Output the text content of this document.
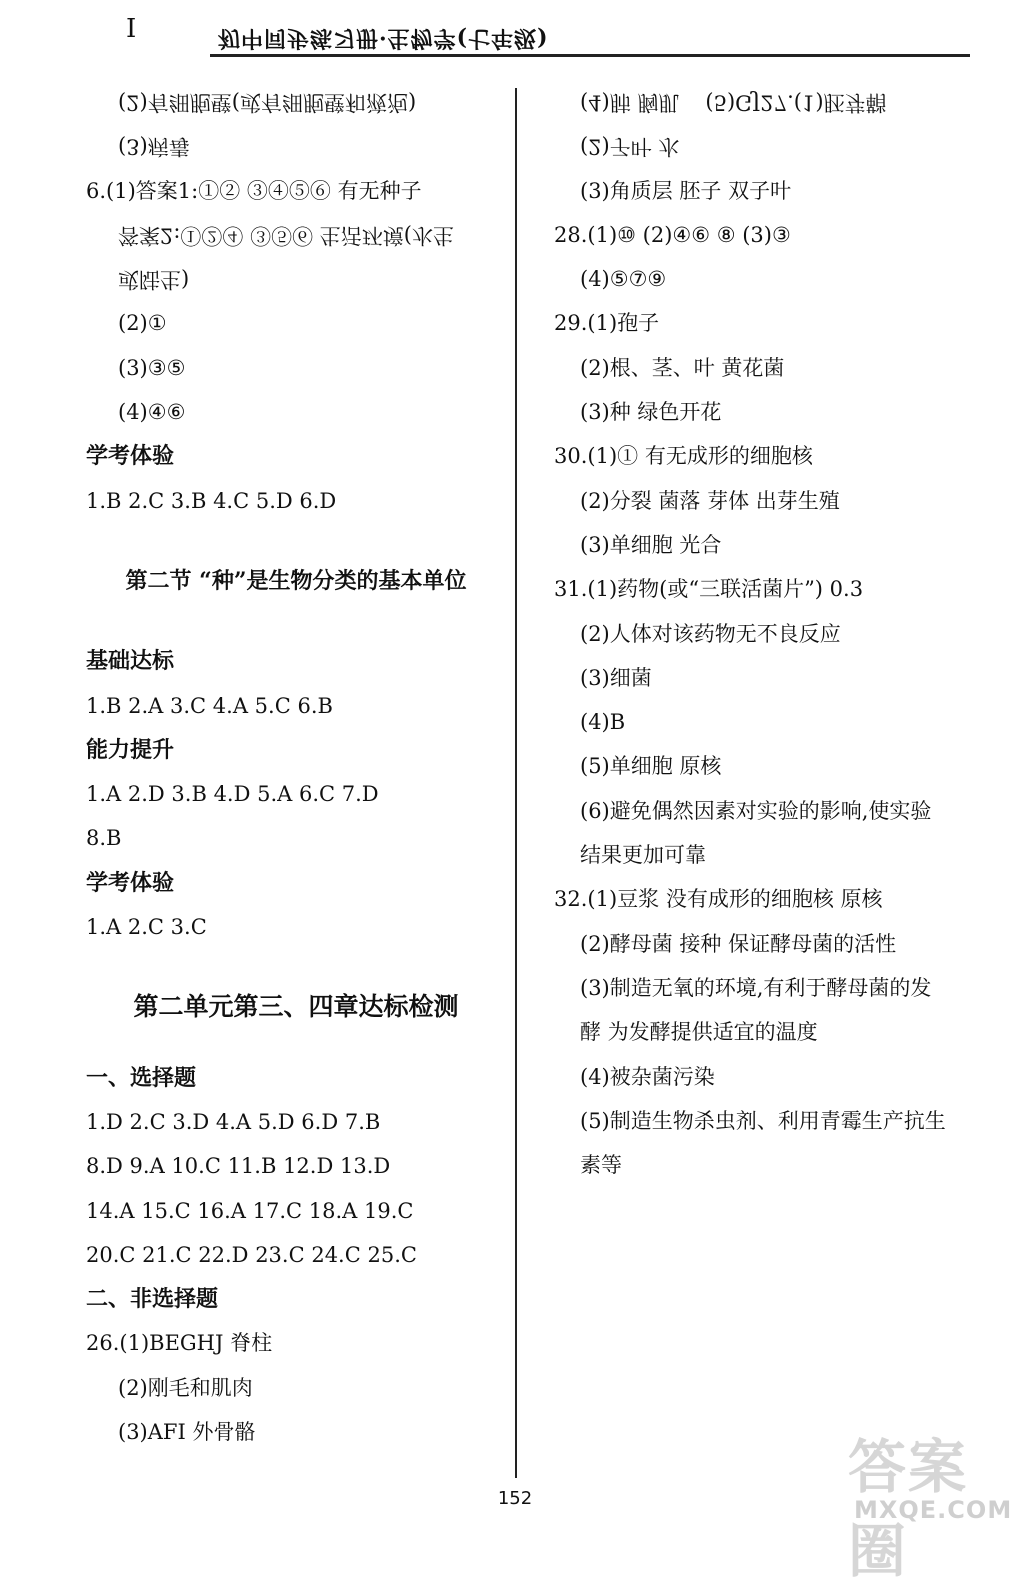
I	初中同步练习册·生物学(七年级)
(2)有细胞壁(或有细胞壁和液泡)(3)病毒
6.(1)答案1:①② ③④⑤⑥ 有无种子
答案2:①②④ ③⑤⑥ 生活环境(水生或陆生)
(2)①
(3)③⑤
(4)④⑥
学考体验
1.B 2.C 3.B 4.C 5.D 6.D
第二节 “种”是生物分类的基本单位
基础达标
1.B 2.A 3.C 4.A 5.C 6.B
能力提升
1.A 2.D 3.B 4.D 5.A 6.C 7.D
8.B
学考体验
1.A 2.C 3.C
第二单元第三、四章达标检测
一、选择题
1.D 2.C 3.D 4.A 5.D 6.D 7.B
8.D 9.A 10.C 11.B 12.D 13.D
14.A 15.C 16.A 17.C 18.A 19.C
20.C 21.C 22.D 23.C 24.C 25.C
二、非选择题
26.(1)BEGHJ 脊柱
(2)刚毛和肌肉
(3)AFI 外骨骼
(4)肺 胸肌 (5)GJ27.(1)胚芽鞘(2)子叶 水
(3)角质层 胚子 双子叶
28.(1)⑩ (2)④⑥ ⑧ (3)③
(4)⑤⑦⑨
29.(1)孢子
(2)根、茎、叶 黄花菌
(3)种 绿色开花
30.(1)① 有无成形的细胞核
(2)分裂 菌落 芽体 出芽生殖
(3)单细胞 光合
31.(1)药物(或“三联活菌片”) 0.3
(2)人体对该药物无不良反应
(3)细菌
(4)B
(5)单细胞 原核
(6)避免偶然因素对实验的影响,使实验
结果更加可靠
32.(1)豆浆 没有成形的细胞核 原核
(2)酵母菌 接种 保证酵母菌的活性
(3)制造无氧的环境,有利于酵母菌的发
酵 为发酵提供适宜的温度
(4)被杂菌污染
(5)制造生物杀虫剂、利用青霉生产抗生
素等
152	答案圈
MXQE.COM
